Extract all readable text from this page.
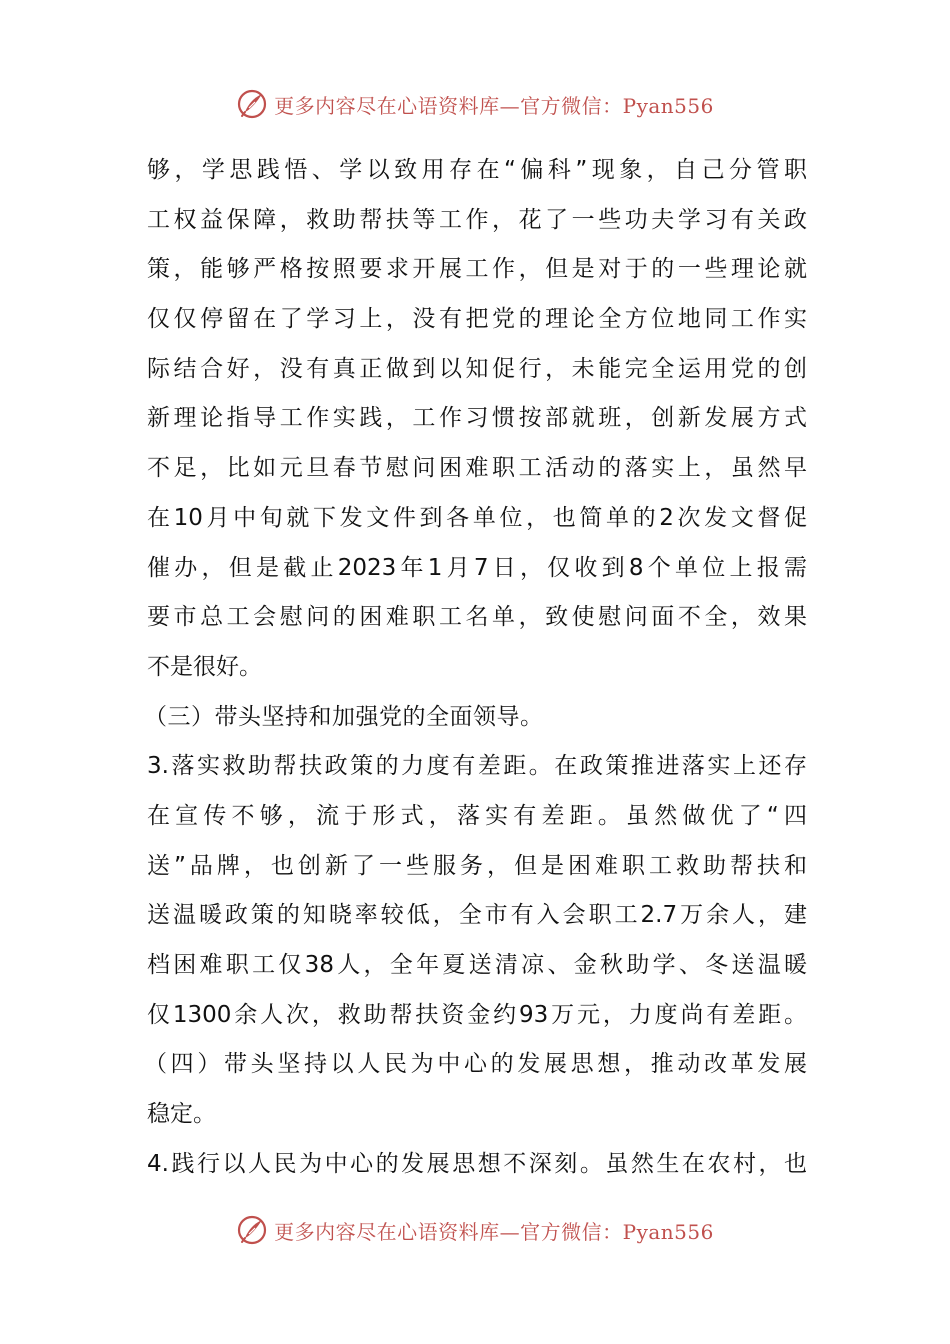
更多内容尽在心语资料库—官方微信：Pyan556
够，学思践悟、学以致用存在“偏科”现象，自己分管职
工权益保障，救助帮扶等工作，花了一些功夫学习有关政
策，能够严格按照要求开展工作，但是对于的一些理论就
仅仅停留在了学习上，没有把党的理论全方位地同工作实
际结合好，没有真正做到以知促行，未能完全运用党的创
新理论指导工作实践，工作习惯按部就班，创新发展方式
不足，比如元旦春节慰问困难职工活动的落实上，虽然早
在10月中旬就下发文件到各单位，也简单的2次发文督促
催办，但是截止2023年1月7日，仅收到8个单位上报需
要市总工会慰问的困难职工名单，致使慰问面不全，效果
不是很好。
（三）带头坚持和加强党的全面领导。
3.落实救助帮扶政策的力度有差距。在政策推进落实上还存
在宣传不够，流于形式，落实有差距。虽然做优了“四
送”品牌，也创新了一些服务，但是困难职工救助帮扶和
送温暖政策的知晓率较低，全市有入会职工2.7万余人，建
档困难职工仅38人，全年夏送清凉、金秋助学、冬送温暖
仅1300余人次，救助帮扶资金约93万元，力度尚有差距。
（四）带头坚持以人民为中心的发展思想，推动改革发展
稳定。
4.践行以人民为中心的发展思想不深刻。虽然生在农村，也
更多内容尽在心语资料库—官方微信：Pyan556
